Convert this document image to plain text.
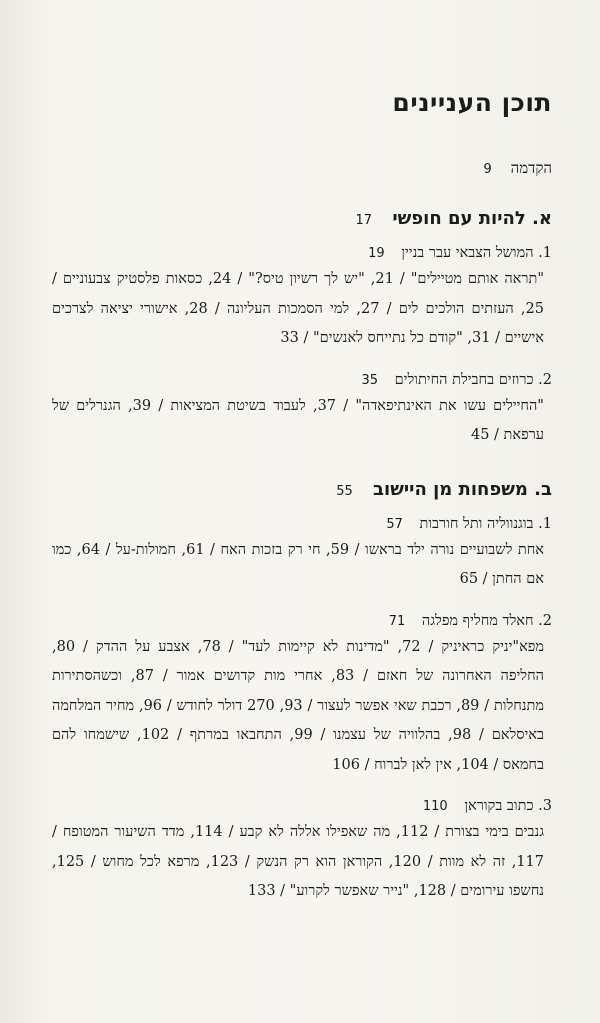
תוכן העניינים
הקדמה 9
א. להיות עם חופשי 17
1. המושל הצבאי עבר בניין 19
"תראה אותם מטיילים" / 21, "יש לך רשיון טיס?" / 24, כסאות פלסטיק צבעוניים / 25, העזתים הולכים לים / 27, למי הסמכות העליונה / 28, אישורי יציאה לצרכים אישיים / 31, "קודם כל נתייחס לאנשים" / 33
2. כרוזים בחבילת החיתולים 35
"החיילים עשו את האינתיפאדה" / 37, לעבוד בשיטת המציאות / 39, הגנרלים של ערפאת / 45
ב. משפחות מן היישוב 55
1. בוגנווליה ותל חורבות 57
אחת לשבועיים נורה ילד בראשו / 59, חי רק בזכות האח / 61, חמולות-על / 64, כמו אם החתן / 65
2. חאלד מחליף מפלגה 71
מפא"יניק כראיניק / 72, "מדינות לא קיימות לעד" / 78, אצבע על ההדק / 80, החליפה האחרונה של חאזם / 83, אחרי מות קדושים אמור / 87, וכשהסתירות מתנחלות / 89, רכבת שאי אפשר לעצור / 93, 270 דולר לחודש / 96, מחיר המלחמה באיסלאם / 98, בהלוויה של עצמנו / 99, התחבאו במרתף / 102, שישמחו להם בחמאס / 104, אין לאן לברוח / 106
3. כתוב בקוראן 110
גנבים בימי בצורת / 112, מה שאפילו אללה לא קבע / 114, מדד השיעור המטופח / 117, זה לא מוות / 120, הקוראן הוא רק הנשק / 123, מרפא לכל מחוש / 125, נחשפו עירומים / 128, "נייר שאפשר לקרוע" / 133
